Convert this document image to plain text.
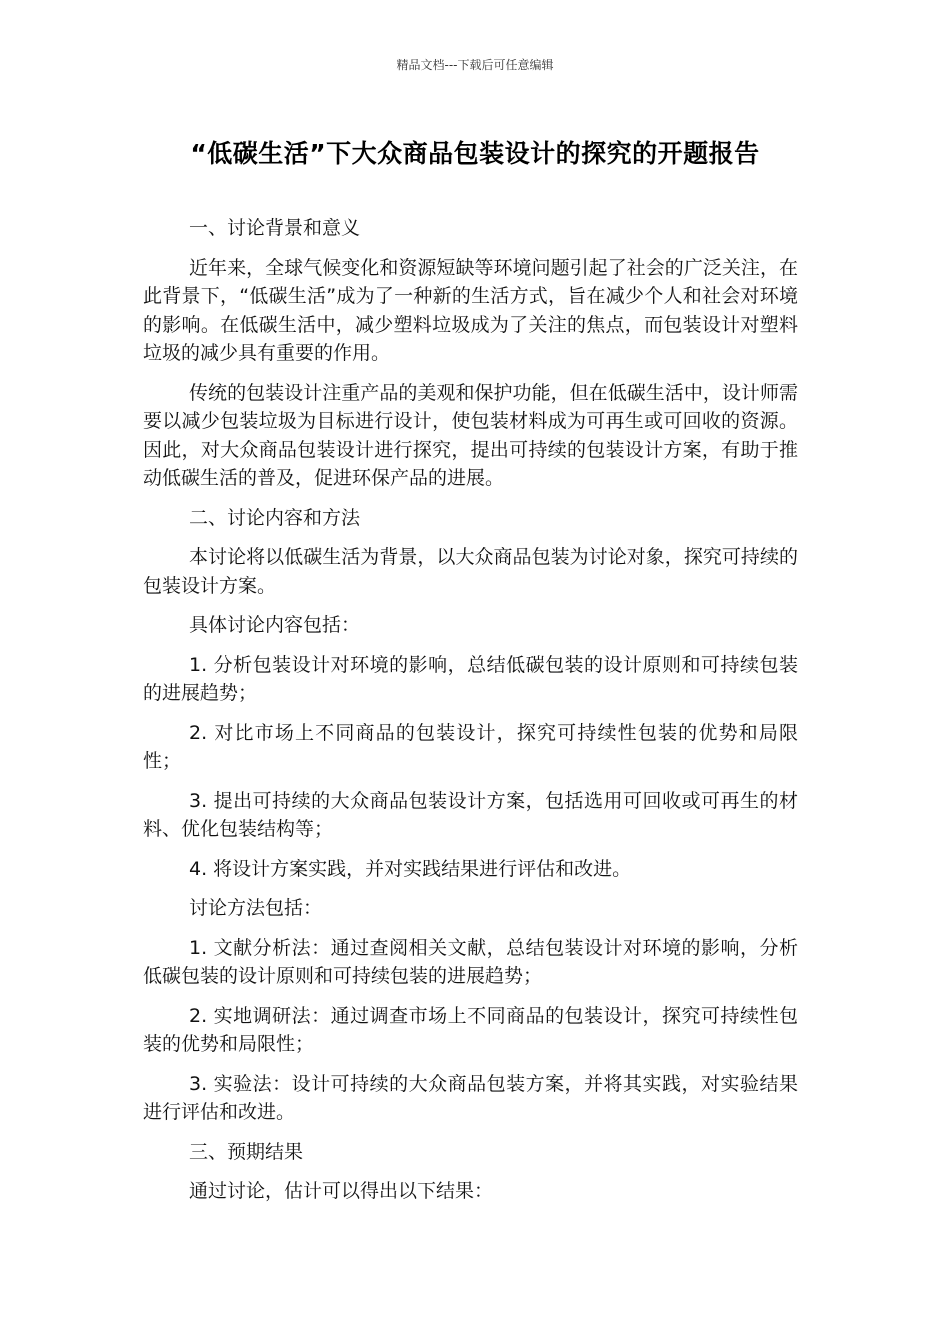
精品文档---下载后可任意编辑
“低碳生活”下大众商品包装设计的探究的开题报告

一、讨论背景和意义

近年来，全球气候变化和资源短缺等环境问题引起了社会的广泛关注，在此背景下，“低碳生活”成为了一种新的生活方式，旨在减少个人和社会对环境的影响。在低碳生活中，减少塑料垃圾成为了关注的焦点，而包装设计对塑料垃圾的减少具有重要的作用。

传统的包装设计注重产品的美观和保护功能，但在低碳生活中，设计师需要以减少包装垃圾为目标进行设计，使包装材料成为可再生或可回收的资源。因此，对大众商品包装设计进行探究，提出可持续的包装设计方案，有助于推动低碳生活的普及，促进环保产品的进展。

二、讨论内容和方法

本讨论将以低碳生活为背景，以大众商品包装为讨论对象，探究可持续的包装设计方案。

具体讨论内容包括：

1. 分析包装设计对环境的影响，总结低碳包装的设计原则和可持续包装的进展趋势；

2. 对比市场上不同商品的包装设计，探究可持续性包装的优势和局限性；

3. 提出可持续的大众商品包装设计方案，包括选用可回收或可再生的材料、优化包装结构等；

4. 将设计方案实践，并对实践结果进行评估和改进。

讨论方法包括：

1. 文献分析法：通过查阅相关文献，总结包装设计对环境的影响，分析低碳包装的设计原则和可持续包装的进展趋势；

2. 实地调研法：通过调查市场上不同商品的包装设计，探究可持续性包装的优势和局限性；

3. 实验法：设计可持续的大众商品包装方案，并将其实践，对实验结果进行评估和改进。

三、预期结果

通过讨论，估计可以得出以下结果：
